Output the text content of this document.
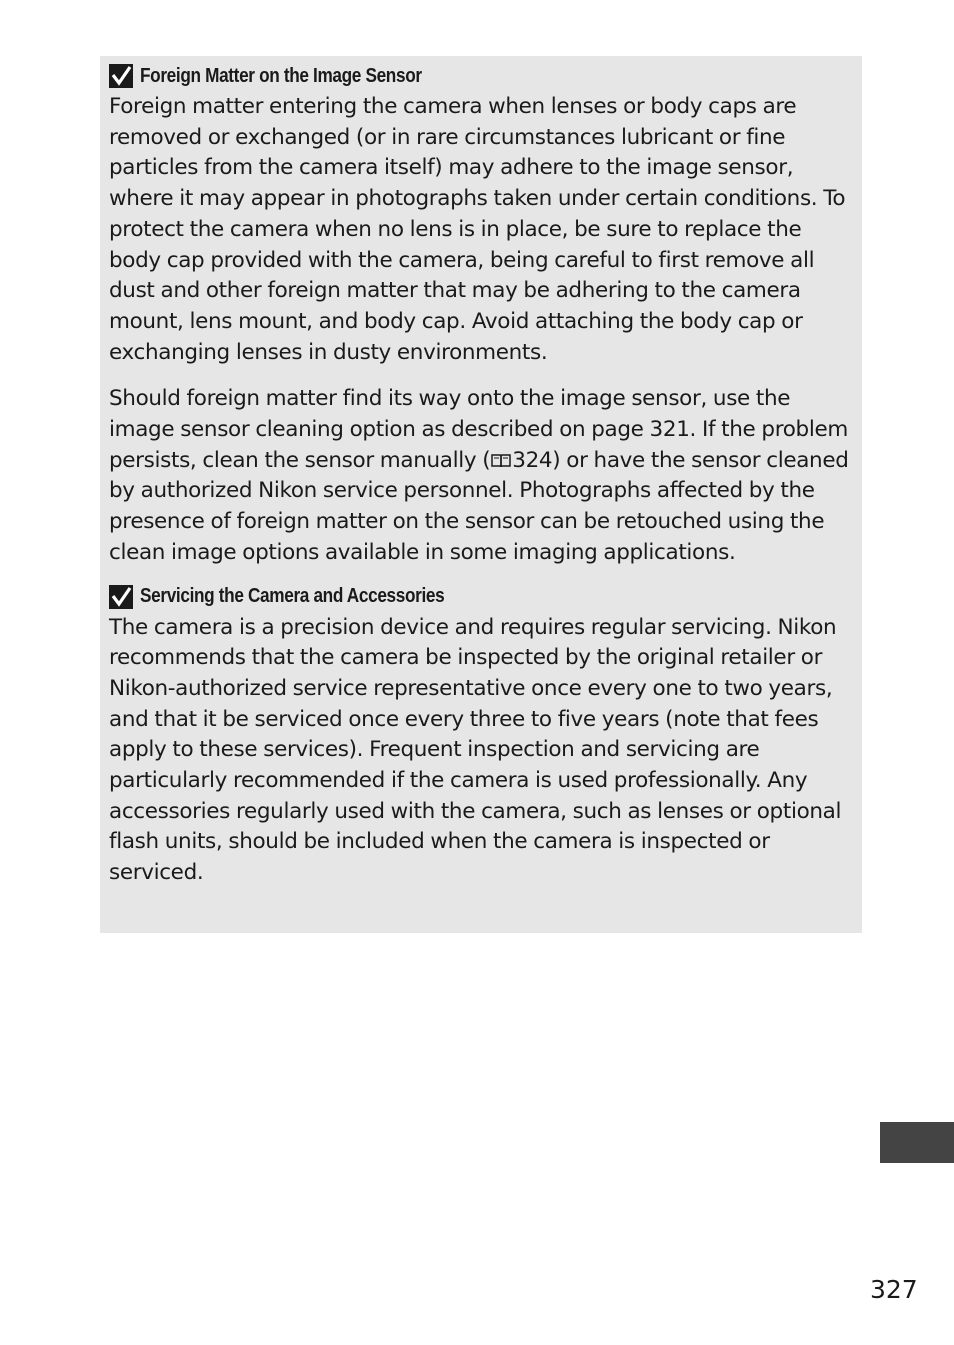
Foreign Matter on the Image Sensor

Foreign matter entering the camera when lenses or body caps are removed or exchanged (or in rare circumstances lubricant or fine particles from the camera itself) may adhere to the image sensor, where it may appear in photographs taken under certain conditions. To protect the camera when no lens is in place, be sure to replace the body cap provided with the camera, being careful to first remove all dust and other foreign matter that may be adhering to the camera mount, lens mount, and body cap. Avoid attaching the body cap or exchanging lenses in dusty environments.

Should foreign matter find its way onto the image sensor, use the image sensor cleaning option as described on page 321. If the problem persists, clean the sensor manually ( 324) or have the sensor cleaned by authorized Nikon service personnel. Photographs affected by the presence of foreign matter on the sensor can be retouched using the clean image options available in some imaging applications.

Servicing the Camera and Accessories

The camera is a precision device and requires regular servicing. Nikon recommends that the camera be inspected by the original retailer or Nikon-authorized service representative once every one to two years, and that it be serviced once every three to five years (note that fees apply to these services). Frequent inspection and servicing are particularly recommended if the camera is used professionally. Any accessories regularly used with the camera, such as lenses or optional flash units, should be included when the camera is inspected or serviced.

327
